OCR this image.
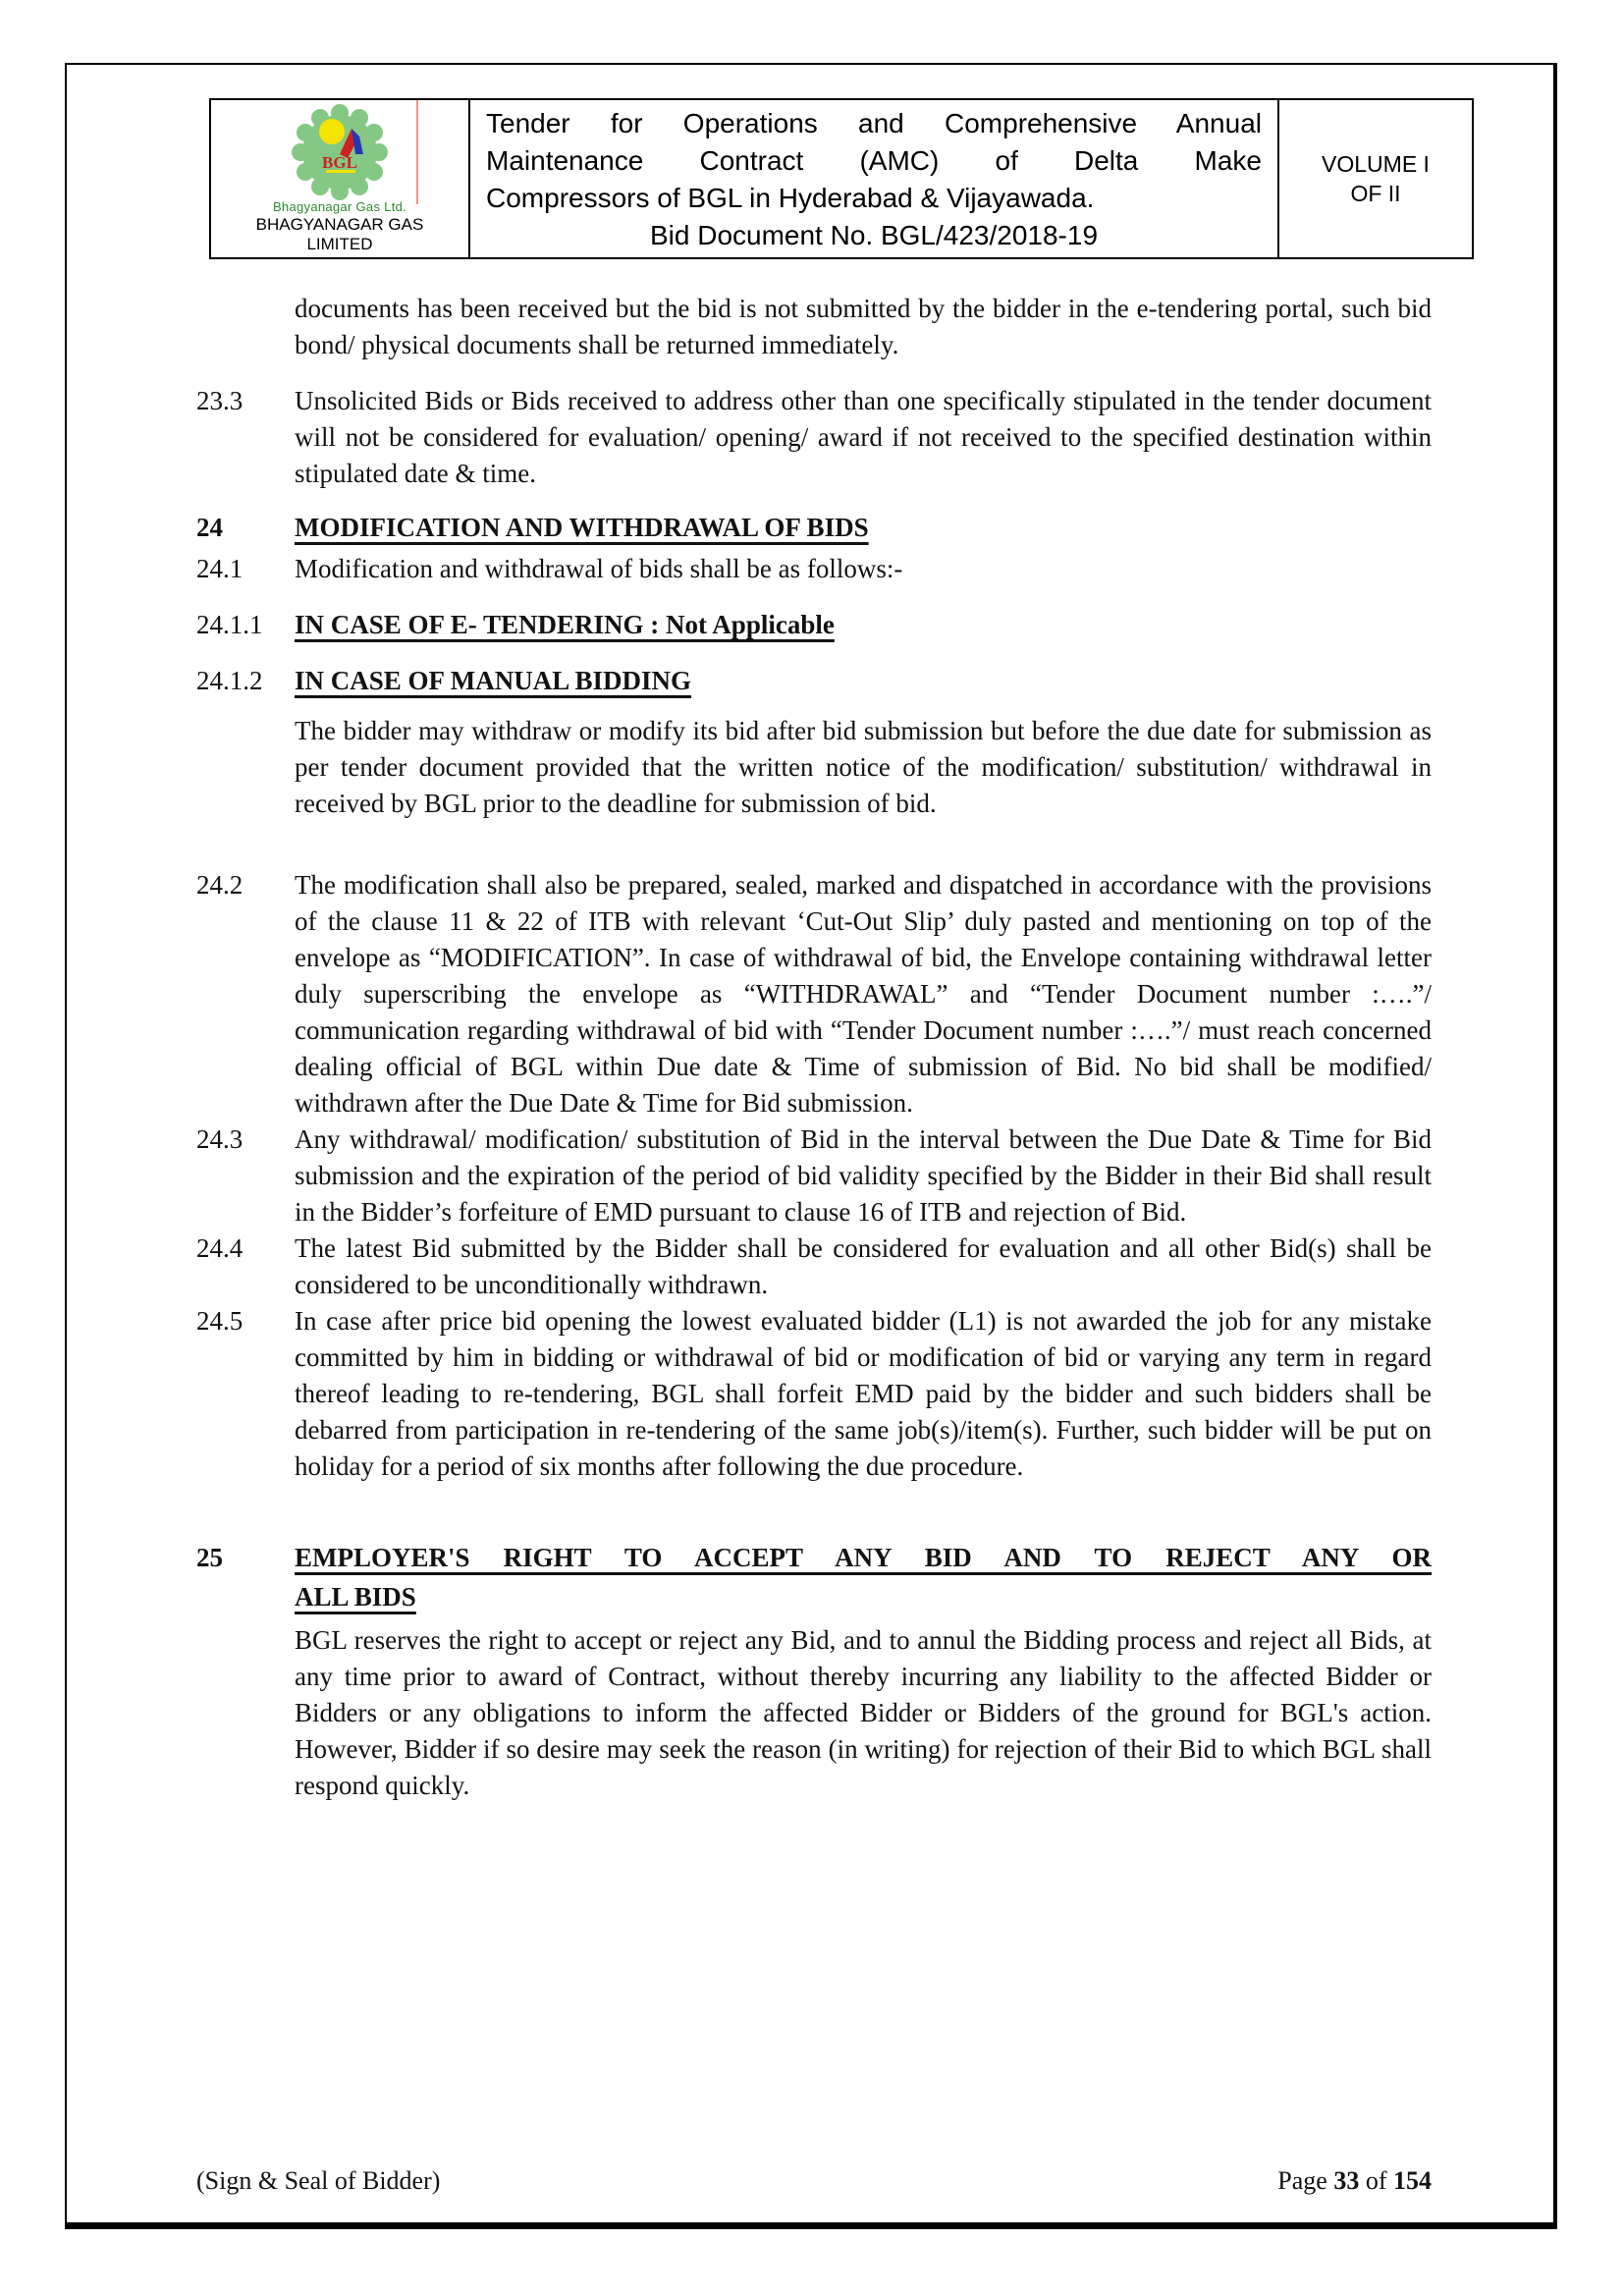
BGL
Bhagyanagar Gas Ltd.
BHAGYANAGAR GAS LIMITED
Tender for Operations and Comprehensive Annual
Maintenance Contract (AMC) of Delta Make
Compressors of BGL in Hyderabad & Vijayawada.
Bid Document No. BGL/423/2018-19
VOLUME I
OF II

documents has been received but the bid is not submitted by the bidder in the e-tendering portal, such bid bond/ physical documents shall be returned immediately.

23.3	Unsolicited Bids or Bids received to address other than one specifically stipulated in the tender document will not be considered for evaluation/ opening/ award if not received to the specified destination within stipulated date & time.

24	MODIFICATION AND WITHDRAWAL OF BIDS

24.1	Modification and withdrawal of bids shall be as follows:-

24.1.1	IN CASE OF E- TENDERING : Not Applicable

24.1.2	IN CASE OF MANUAL BIDDING

The bidder may withdraw or modify its bid after bid submission but before the due date for submission as per tender document provided that the written notice of the modification/ substitution/ withdrawal in received by BGL prior to the deadline for submission of bid.

24.2	The modification shall also be prepared, sealed, marked and dispatched in accordance with the provisions of the clause 11 & 22 of ITB with relevant ‘Cut-Out Slip’ duly pasted and mentioning on top of the envelope as “MODIFICATION”. In case of withdrawal of bid, the Envelope containing withdrawal letter duly superscribing the envelope as “WITHDRAWAL” and “Tender Document number :….”/ communication regarding withdrawal of bid with “Tender Document number :….”/ must reach concerned dealing official of BGL within Due date & Time of submission of Bid. No bid shall be modified/ withdrawn after the Due Date & Time for Bid submission.

24.3	Any withdrawal/ modification/ substitution of Bid in the interval between the Due Date & Time for Bid submission and the expiration of the period of bid validity specified by the Bidder in their Bid shall result in the Bidder’s forfeiture of EMD pursuant to clause 16 of ITB and rejection of Bid.

24.4	The latest Bid submitted by the Bidder shall be considered for evaluation and all other Bid(s) shall be considered to be unconditionally withdrawn.

24.5	In case after price bid opening the lowest evaluated bidder (L1) is not awarded the job for any mistake committed by him in bidding or withdrawal of bid or modification of bid or varying any term in regard thereof leading to re-tendering, BGL shall forfeit EMD paid by the bidder and such bidders shall be debarred from participation in re-tendering of the same job(s)/item(s). Further, such bidder will be put on holiday for a period of six months after following the due procedure.

25	EMPLOYER'S RIGHT TO ACCEPT ANY BID AND TO REJECT ANY OR
ALL BIDS

BGL reserves the right to accept or reject any Bid, and to annul the Bidding process and reject all Bids, at any time prior to award of Contract, without thereby incurring any liability to the affected Bidder or Bidders or any obligations to inform the affected Bidder or Bidders of the ground for BGL's action. However, Bidder if so desire may seek the reason (in writing) for rejection of their Bid to which BGL shall respond quickly.

(Sign & Seal of Bidder)	Page 33 of 154
